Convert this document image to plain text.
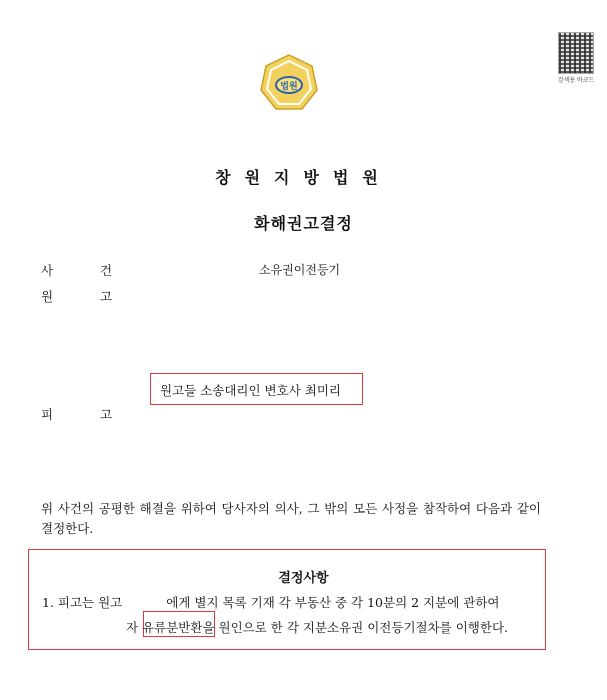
검색용 바코드
법원
창원지방법원
화해권고결정
사	건	소유권이전등기
원	고
원고들 소송대리인 변호사 최미리
피	고
위 사건의 공평한 해결을 위하여 당사자의 의사, 그 밖의 모든 사정을 참작하여 다음과 같이 결정한다.
결정사항
1. 피고는 원고	에게 별지 목록 기재 각 부동산 중 각 10분의 2 지분에 관하여
자 유류분반환을 원인으로 한 각 지분소유권 이전등기절차를 이행한다.
